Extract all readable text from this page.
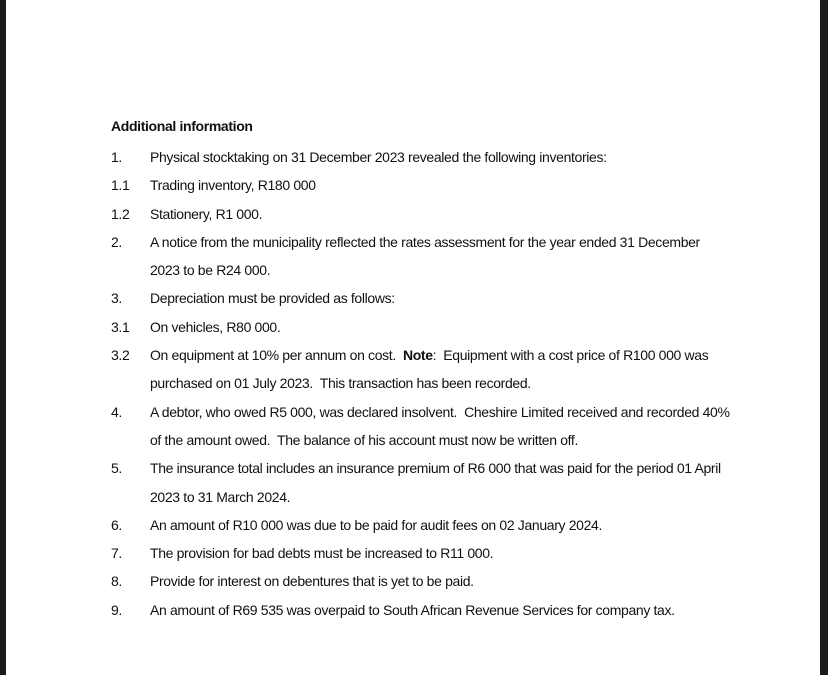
Additional information
1.	Physical stocktaking on 31 December 2023 revealed the following inventories:
1.1	Trading inventory, R180 000
1.2	Stationery, R1 000.
2.	A notice from the municipality reflected the rates assessment for the year ended 31 December 2023 to be R24 000.
3.	Depreciation must be provided as follows:
3.1	On vehicles, R80 000.
3.2	On equipment at 10% per annum on cost.  Note:  Equipment with a cost price of R100 000 was purchased on 01 July 2023.  This transaction has been recorded.
4.	A debtor, who owed R5 000, was declared insolvent.  Cheshire Limited received and recorded 40% of the amount owed.  The balance of his account must now be written off.
5.	The insurance total includes an insurance premium of R6 000 that was paid for the period 01 April 2023 to 31 March 2024.
6.	An amount of R10 000 was due to be paid for audit fees on 02 January 2024.
7.	The provision for bad debts must be increased to R11 000.
8.	Provide for interest on debentures that is yet to be paid.
9.	An amount of R69 535 was overpaid to South African Revenue Services for company tax.
